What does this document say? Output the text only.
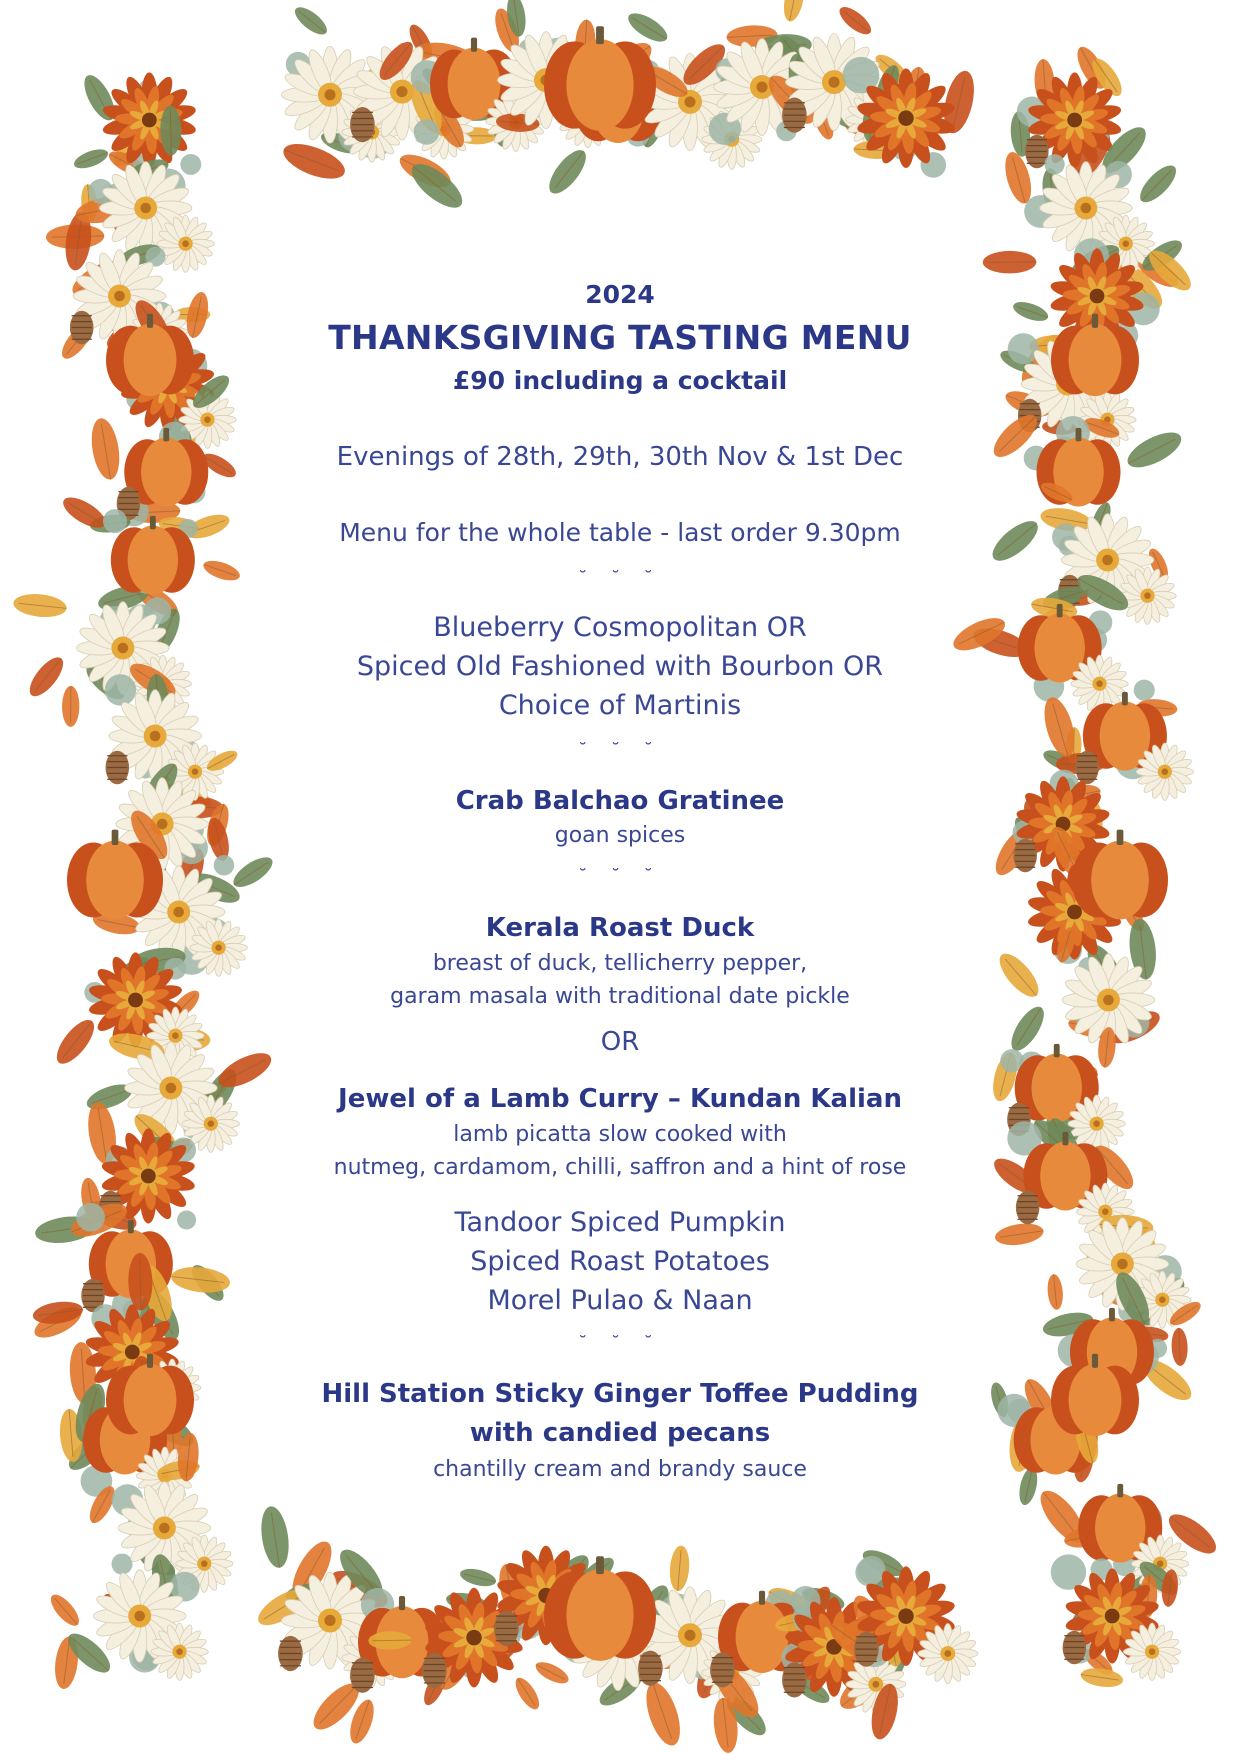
2024
THANKSGIVING TASTING MENU
£90 including a cocktail
Evenings of 28th, 29th, 30th Nov & 1st Dec
Menu for the whole table - last order 9.30pm
˘ ˘ ˘
Blueberry Cosmopolitan OR
Spiced Old Fashioned with Bourbon OR
Choice of Martinis
˘ ˘ ˘
Crab Balchao Gratinee
goan spices
˘ ˘ ˘
Kerala Roast Duck
breast of duck, tellicherry pepper,
garam masala with traditional date pickle
OR
Jewel of a Lamb Curry – Kundan Kalian
lamb picatta slow cooked with
nutmeg, cardamom, chilli, saffron and a hint of rose
Tandoor Spiced Pumpkin
Spiced Roast Potatoes
Morel Pulao & Naan
˘ ˘ ˘
Hill Station Sticky Ginger Toffee Pudding
with candied pecans
chantilly cream and brandy sauce
